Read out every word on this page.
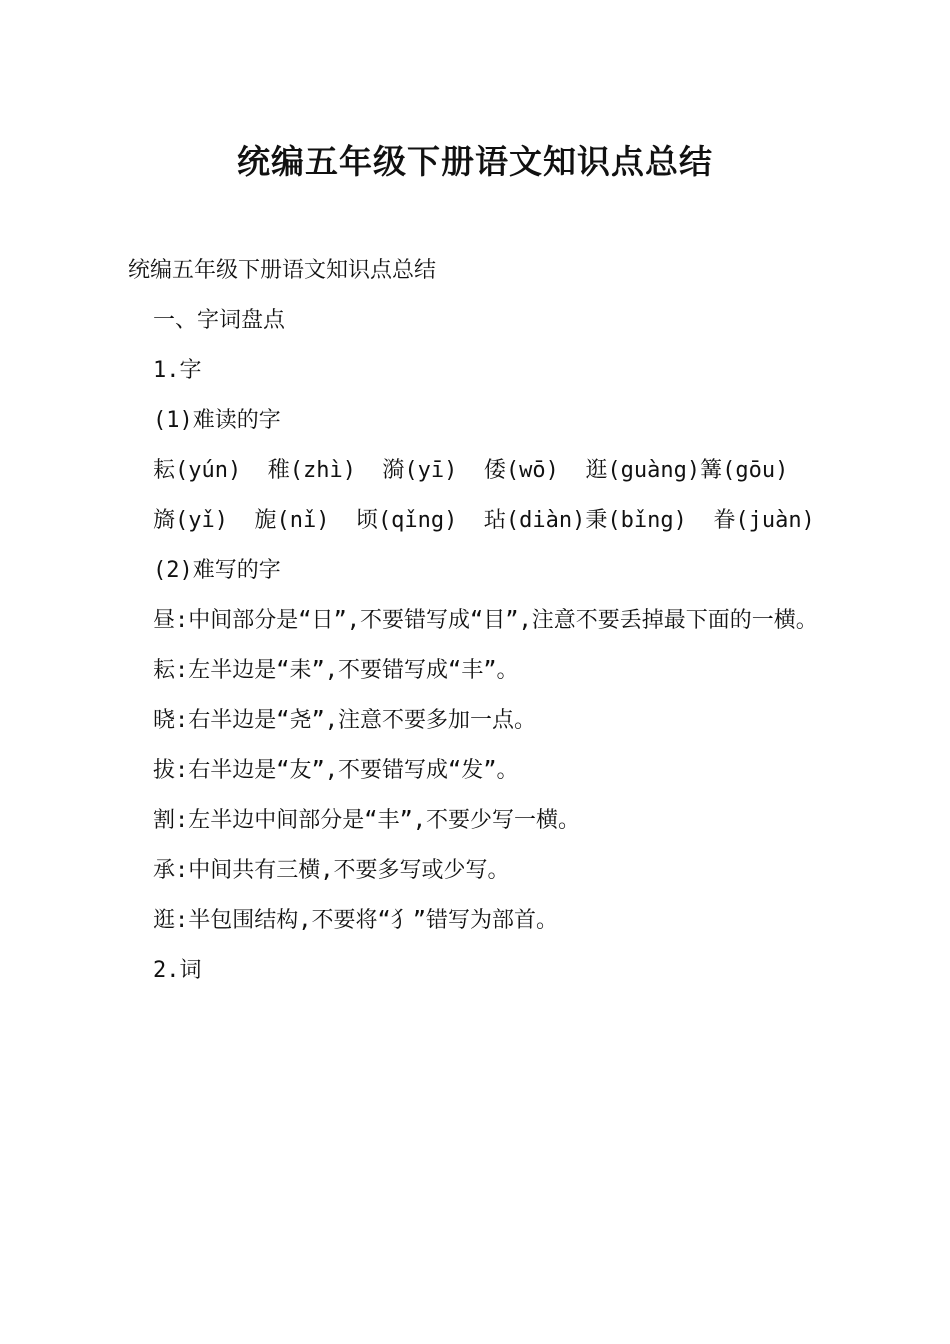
统编五年级下册语文知识点总结

统编五年级下册语文知识点总结

一、字词盘点

1.字

(1)难读的字

耘(yún)  稚(zhì)  漪(yī)  倭(wō)  逛(guàng)篝(gōu)

旖(yǐ)  旎(nǐ)  顷(qǐng)  玷(diàn)秉(bǐng)  眷(juàn)

(2)难写的字

昼:中间部分是“日”,不要错写成“目”,注意不要丢掉最下面的一横。

耘:左半边是“耒”,不要错写成“丰”。

晓:右半边是“尧”,注意不要多加一点。

拔:右半边是“友”,不要错写成“发”。

割:左半边中间部分是“丰”,不要少写一横。

承:中间共有三横,不要多写或少写。

逛:半包围结构,不要将“犭”错写为部首。

2.词
